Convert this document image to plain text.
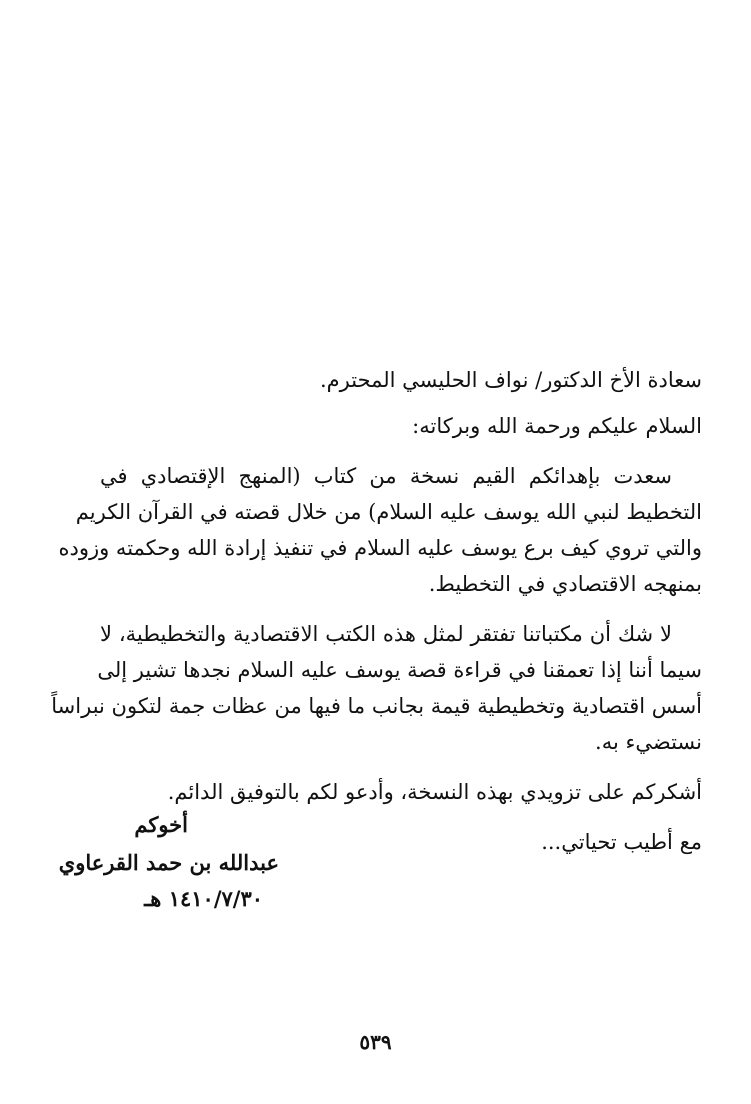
سعادة الأخ الدكتور/ نواف الحليسي المحترم.
السلام عليكم ورحمة الله وبركاته:
سعدت بإهدائكم القيم نسخة من كتاب (المنهج الإقتصادي في
التخطيط لنبي الله يوسف عليه السلام) من خلال قصته في القرآن الكريم
والتي تروي كيف برع يوسف عليه السلام في تنفيذ إرادة الله وحكمته وزوده
بمنهجه الاقتصادي في التخطيط.
لا شك أن مكتباتنا تفتقر لمثل هذه الكتب الاقتصادية والتخطيطية، لا
سيما أننا إذا تعمقنا في قراءة قصة يوسف عليه السلام نجدها تشير إلى
أسس اقتصادية وتخطيطية قيمة بجانب ما فيها من عظات جمة لتكون نبراساً
نستضيء به.
أشكركم على تزويدي بهذه النسخة، وأدعو لكم بالتوفيق الدائم.
مع أطيب تحياتي...
أخوكم
عبدالله بن حمد القرعاوي
١٤١٠/٧/٣٠ هـ
٥٣٩
